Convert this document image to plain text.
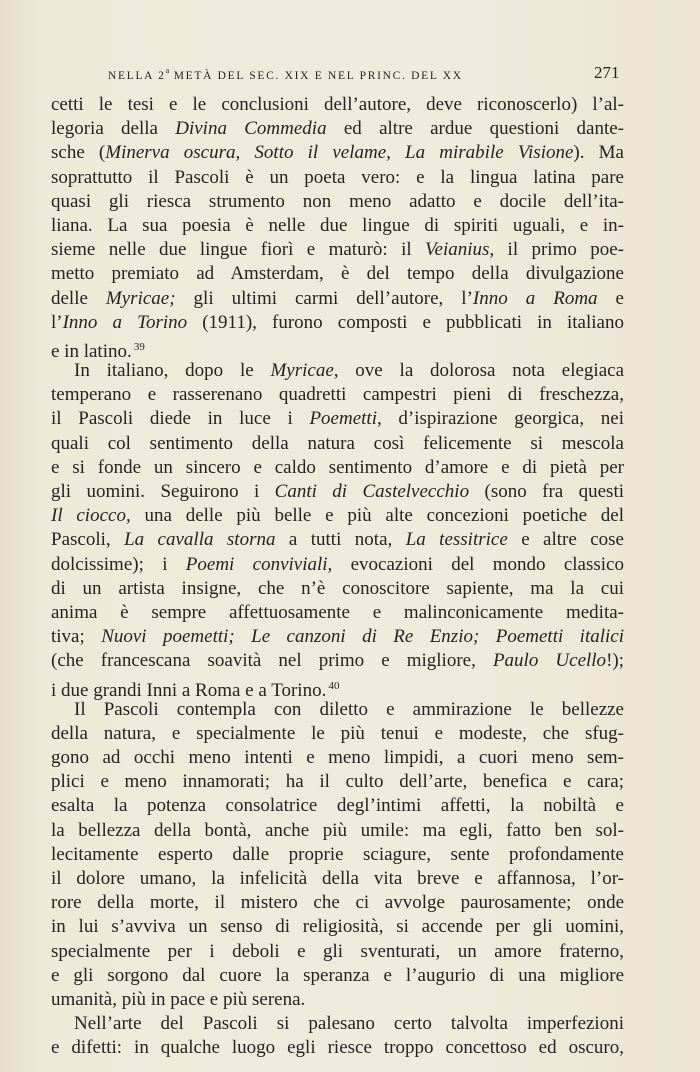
NELLA 2$^a$ METÀ DEL SEC. XIX E NEL PRINC. DEL XX	271
cetti le tesi e le conclusioni dell’autore, deve riconoscerlo) l’al-
legoria della Divina Commedia ed altre ardue questioni dante-
sche (Minerva oscura, Sotto il velame, La mirabile Visione). Ma
soprattutto il Pascoli è un poeta vero: e la lingua latina pare
quasi gli riesca strumento non meno adatto e docile dell’ita-
liana. La sua poesia è nelle due lingue di spiriti uguali, e in-
sieme nelle due lingue fiorì e maturò: il Veianius, il primo poe-
metto premiato ad Amsterdam, è del tempo della divulgazione
delle Myricae; gli ultimi carmi dell’autore, l’Inno a Roma e
l’Inno a Torino (1911), furono composti e pubblicati in italiano
e in latino. $^{39}$
In italiano, dopo le Myricae, ove la dolorosa nota elegiaca
temperano e rasserenano quadretti campestri pieni di freschezza,
il Pascoli diede in luce i Poemetti, d’ispirazione georgica, nei
quali col sentimento della natura così felicemente si mescola
e si fonde un sincero e caldo sentimento d’amore e di pietà per
gli uomini. Seguirono i Canti di Castelvecchio (sono fra questi
Il ciocco, una delle più belle e più alte concezioni poetiche del
Pascoli, La cavalla storna a tutti nota, La tessitrice e altre cose
dolcissime); i Poemi conviviali, evocazioni del mondo classico
di un artista insigne, che n’è conoscitore sapiente, ma la cui
anima è sempre affettuosamente e malinconicamente medita-
tiva; Nuovi poemetti; Le canzoni di Re Enzio; Poemetti italici
(che francescana soavità nel primo e migliore, Paulo Ucello!);
i due grandi Inni a Roma e a Torino. $^{40}$
Il Pascoli contempla con diletto e ammirazione le bellezze
della natura, e specialmente le più tenui e modeste, che sfug-
gono ad occhi meno intenti e meno limpidi, a cuori meno sem-
plici e meno innamorati; ha il culto dell’arte, benefica e cara;
esalta la potenza consolatrice degl’intimi affetti, la nobiltà e
la bellezza della bontà, anche più umile: ma egli, fatto ben sol-
lecitamente esperto dalle proprie sciagure, sente profondamente
il dolore umano, la infelicità della vita breve e affannosa, l’or-
rore della morte, il mistero che ci avvolge paurosamente; onde
in lui s’avviva un senso di religiosità, si accende per gli uomini,
specialmente per i deboli e gli sventurati, un amore fraterno,
e gli sorgono dal cuore la speranza e l’augurio di una migliore
umanità, più in pace e più serena.
Nell’arte del Pascoli si palesano certo talvolta imperfezioni
e difetti: in qualche luogo egli riesce troppo concettoso ed oscuro,
